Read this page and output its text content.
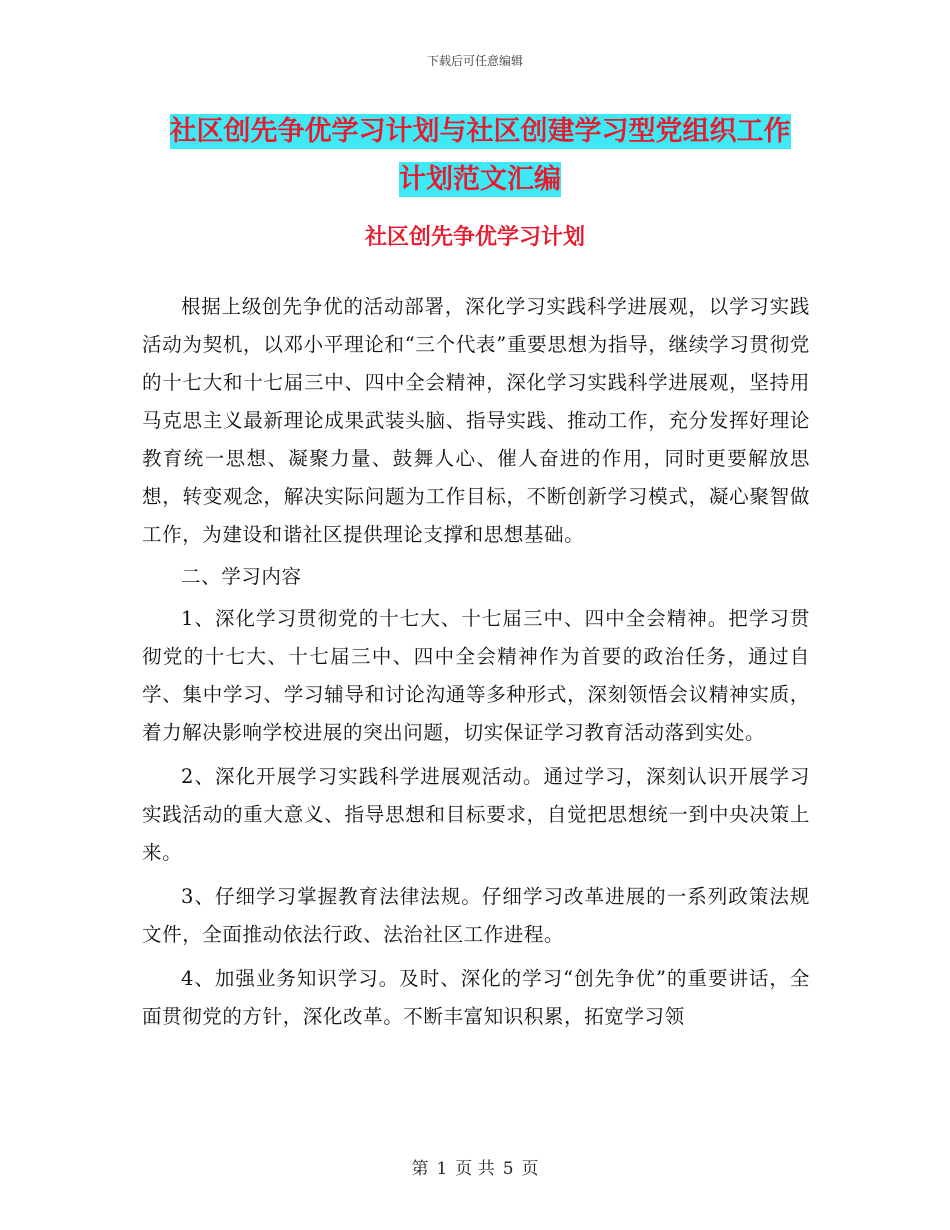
下载后可任意编辑
社区创先争优学习计划与社区创建学习型党组织工作
计划范文汇编
社区创先争优学习计划

根据上级创先争优的活动部署，深化学习实践科学进展观，以学习实践活动为契机，以邓小平理论和“三个代表”重要思想为指导，继续学习贯彻党的十七大和十七届三中、四中全会精神，深化学习实践科学进展观，坚持用马克思主义最新理论成果武装头脑、指导实践、推动工作，充分发挥好理论教育统一思想、凝聚力量、鼓舞人心、催人奋进的作用，同时更要解放思想，转变观念，解决实际问题为工作目标，不断创新学习模式，凝心聚智做工作，为建设和谐社区提供理论支撑和思想基础。

二、学习内容

1、深化学习贯彻党的十七大、十七届三中、四中全会精神。把学习贯彻党的十七大、十七届三中、四中全会精神作为首要的政治任务，通过自学、集中学习、学习辅导和讨论沟通等多种形式，深刻领悟会议精神实质，着力解决影响学校进展的突出问题，切实保证学习教育活动落到实处。

2、深化开展学习实践科学进展观活动。通过学习，深刻认识开展学习实践活动的重大意义、指导思想和目标要求，自觉把思想统一到中央决策上来。

3、仔细学习掌握教育法律法规。仔细学习改革进展的一系列政策法规文件，全面推动依法行政、法治社区工作进程。

4、加强业务知识学习。及时、深化的学习“创先争优”的重要讲话，全面贯彻党的方针，深化改革。不断丰富知识积累，拓宽学习领

第 1 页 共 5 页
